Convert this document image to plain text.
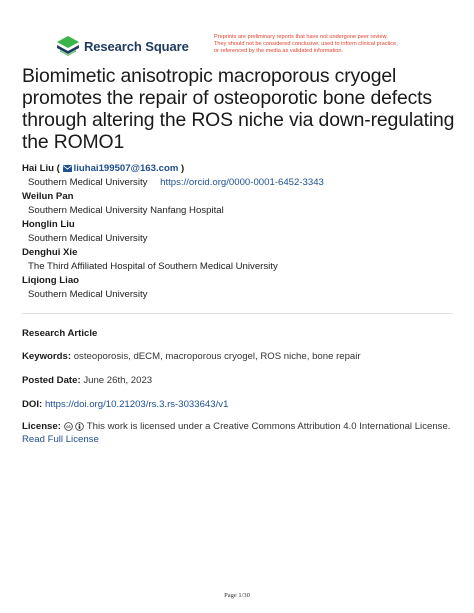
Research Square
Preprints are preliminary reports that have not undergone peer review.
They should not be considered conclusive, used to inform clinical practice,
or referenced by the media as validated information.
Biomimetic anisotropic macroporous cryogel
promotes the repair of osteoporotic bone defects
through altering the ROS niche via down-regulating
the ROMO1
Hai Liu ( liuhai199507@163.com )
Southern Medical University https://orcid.org/0000-0001-6452-3343
Weilun Pan
Southern Medical University Nanfang Hospital
Honglin Liu
Southern Medical University
Denghui Xie
The Third Affiliated Hospital of Southern Medical University
Liqiong Liao
Southern Medical University
Research Article
Keywords: osteoporosis, dECM, macroporous cryogel, ROS niche, bone repair
Posted Date: June 26th, 2023
DOI: https://doi.org/10.21203/rs.3.rs-3033643/v1
License: cc This work is licensed under a Creative Commons Attribution 4.0 International License.
Read Full License
Page 1/30
